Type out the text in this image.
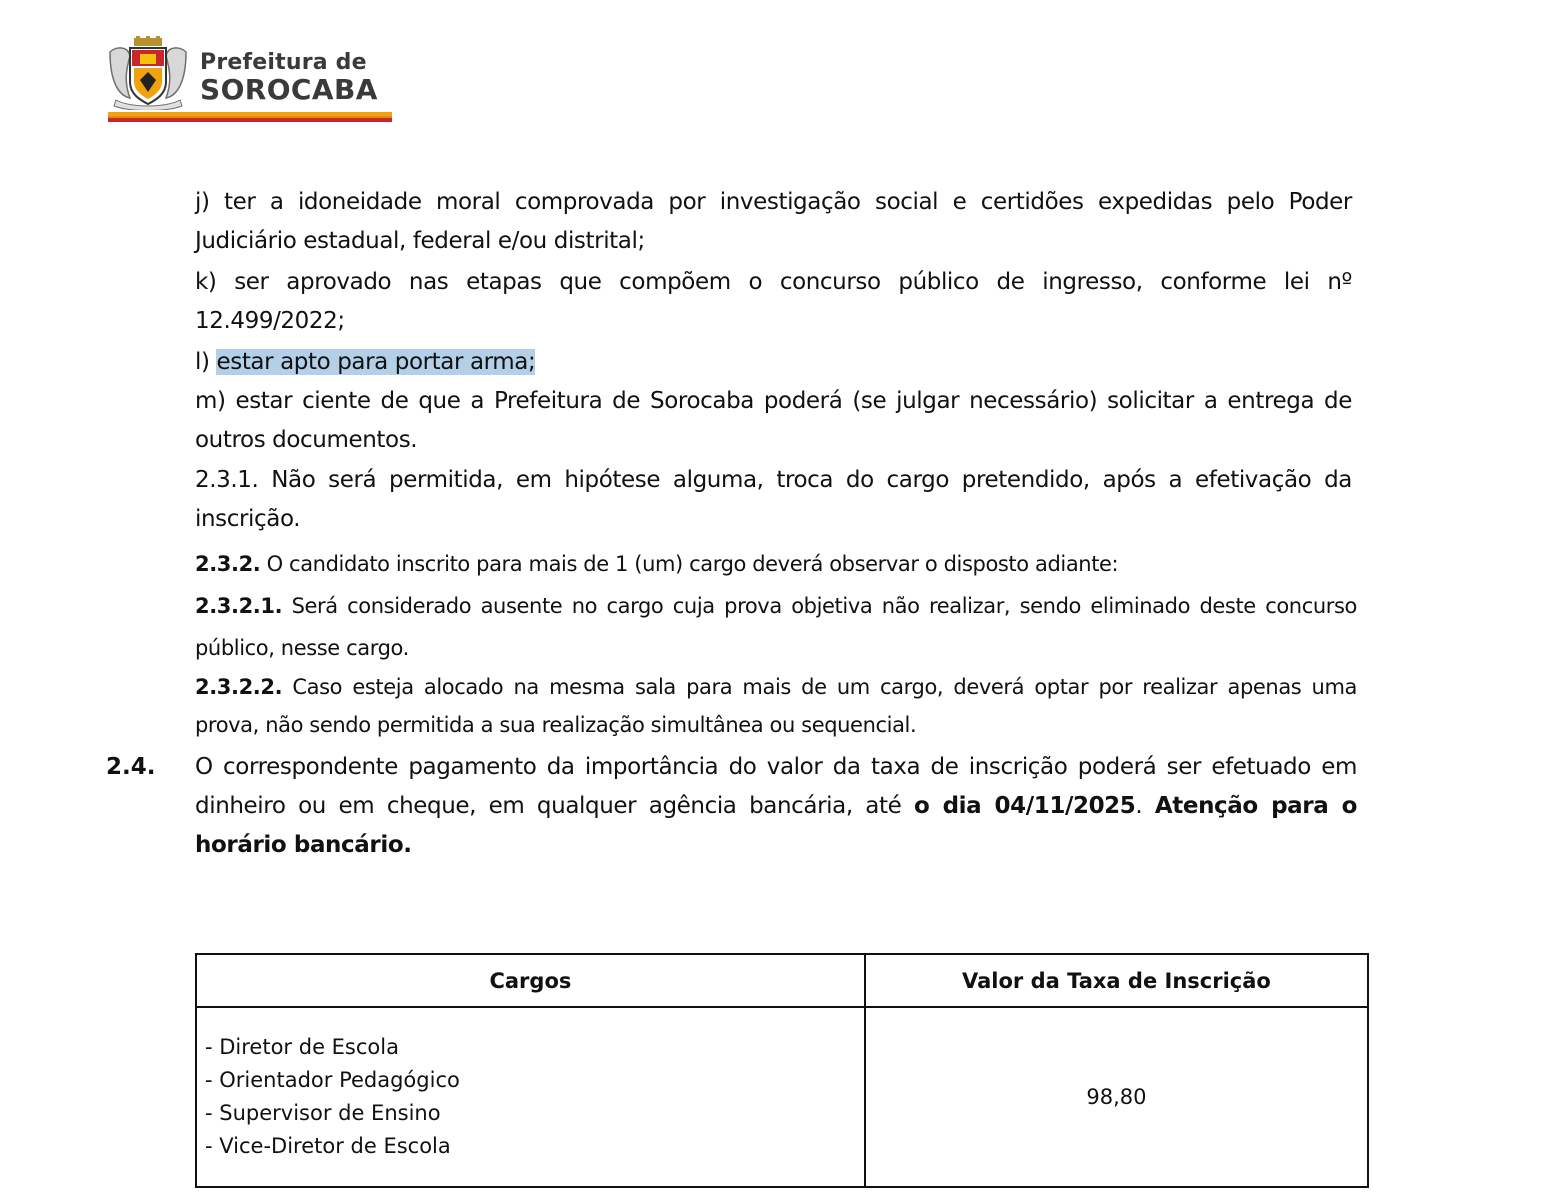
Prefeitura de
SOROCABA
j) ter a idoneidade moral comprovada por investigação social e certidões expedidas pelo Poder Judiciário estadual, federal e/ou distrital;
k) ser aprovado nas etapas que compõem o concurso público de ingresso, conforme lei nº 12.499/2022;
l) estar apto para portar arma;
m) estar ciente de que a Prefeitura de Sorocaba poderá (se julgar necessário) solicitar a entrega de outros documentos.
2.3.1. Não será permitida, em hipótese alguma, troca do cargo pretendido, após a efetivação da inscrição.
2.3.2. O candidato inscrito para mais de 1 (um) cargo deverá observar o disposto adiante:
2.3.2.1. Será considerado ausente no cargo cuja prova objetiva não realizar, sendo eliminado deste concurso público, nesse cargo.
2.3.2.2. Caso esteja alocado na mesma sala para mais de um cargo, deverá optar por realizar apenas uma prova, não sendo permitida a sua realização simultânea ou sequencial.
2.4. O correspondente pagamento da importância do valor da taxa de inscrição poderá ser efetuado em dinheiro ou em cheque, em qualquer agência bancária, até o dia 04/11/2025. Atenção para o horário bancário.
Cargos	Valor da Taxa de Inscrição

- Diretor de Escola
- Orientador Pedagógico
- Supervisor de Ensino
- Vice-Diretor de Escola	98,80
